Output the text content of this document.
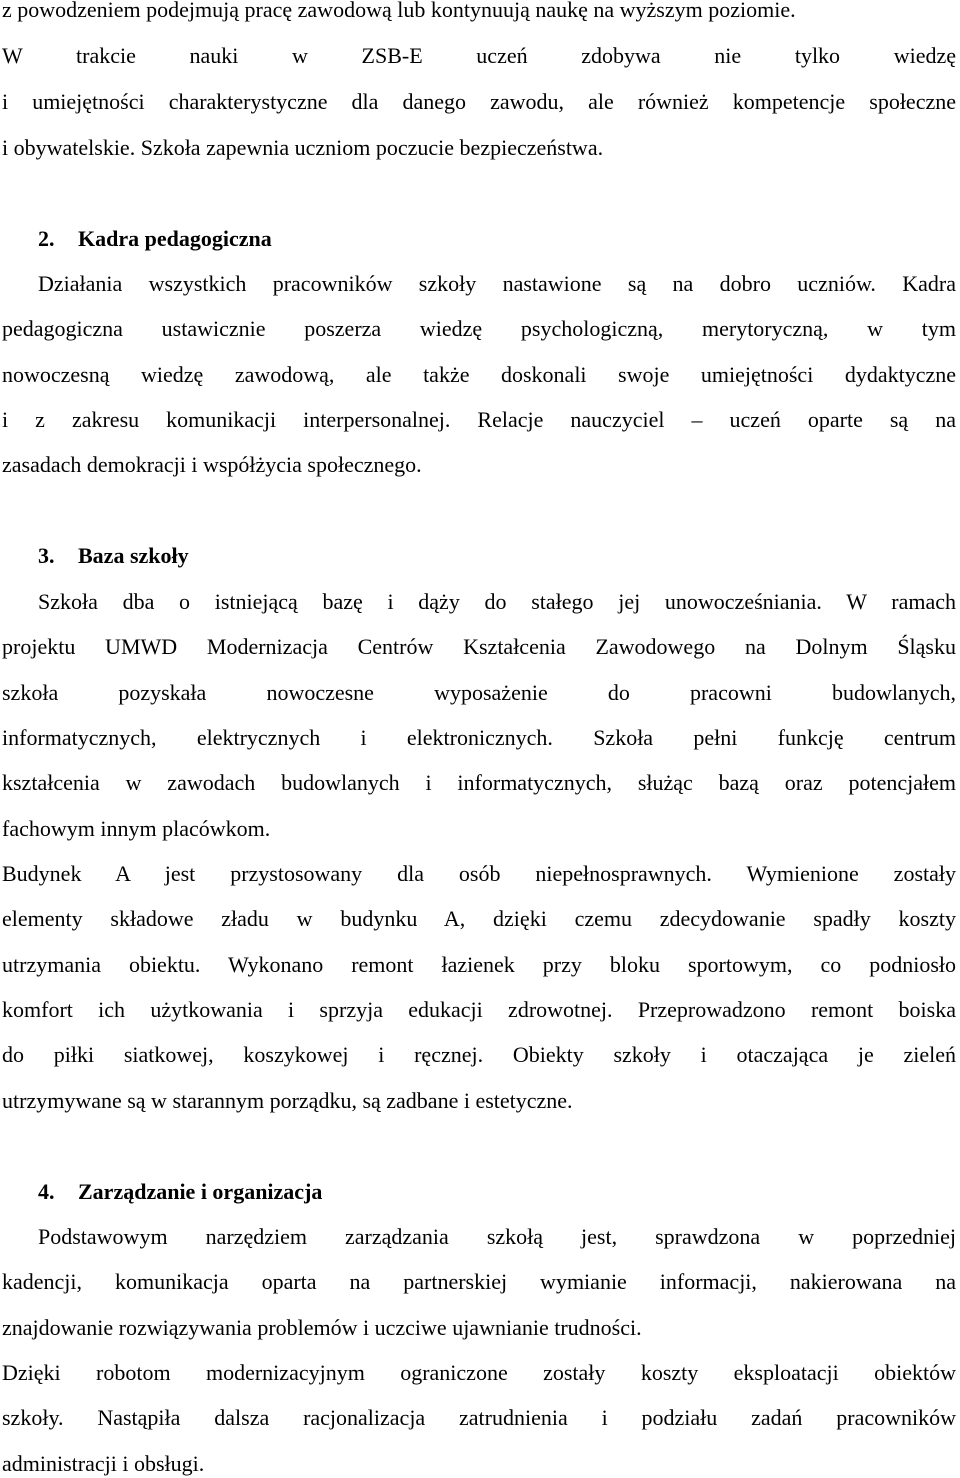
z powodzeniem podejmują pracę zawodową lub kontynuują naukę na wyższym poziomie.
W trakcie nauki w ZSB-E uczeń zdobywa nie tylko wiedzę
i umiejętności charakterystyczne dla danego zawodu, ale również kompetencje społeczne
i obywatelskie. Szkoła zapewnia uczniom poczucie bezpieczeństwa.
2. Kadra pedagogiczna
Działania wszystkich pracowników szkoły nastawione są na dobro uczniów. Kadra
pedagogiczna ustawicznie poszerza wiedzę psychologiczną, merytoryczną, w tym
nowoczesną wiedzę zawodową, ale także doskonali swoje umiejętności dydaktyczne
i z zakresu komunikacji interpersonalnej. Relacje nauczyciel – uczeń oparte są na
zasadach demokracji i współżycia społecznego.
3. Baza szkoły
Szkoła dba o istniejącą bazę i dąży do stałego jej unowocześniania. W ramach
projektu UMWD Modernizacja Centrów Kształcenia Zawodowego na Dolnym Śląsku
szkoła pozyskała nowoczesne wyposażenie do pracowni budowlanych,
informatycznych, elektrycznych i elektronicznych. Szkoła pełni funkcję centrum
kształcenia w zawodach budowlanych i informatycznych, służąc bazą oraz potencjałem
fachowym innym placówkom.
Budynek A jest przystosowany dla osób niepełnosprawnych. Wymienione zostały
elementy składowe zładu w budynku A, dzięki czemu zdecydowanie spadły koszty
utrzymania obiektu. Wykonano remont łazienek przy bloku sportowym, co podniosło
komfort ich użytkowania i sprzyja edukacji zdrowotnej. Przeprowadzono remont boiska
do piłki siatkowej, koszykowej i ręcznej. Obiekty szkoły i otaczająca je zieleń
utrzymywane są w starannym porządku, są zadbane i estetyczne.
4. Zarządzanie i organizacja
Podstawowym narzędziem zarządzania szkołą jest, sprawdzona w poprzedniej
kadencji, komunikacja oparta na partnerskiej wymianie informacji, nakierowana na
znajdowanie rozwiązywania problemów i uczciwe ujawnianie trudności.
Dzięki robotom modernizacyjnym ograniczone zostały koszty eksploatacji obiektów
szkoły. Nastąpiła dalsza racjonalizacja zatrudnienia i podziału zadań pracowników
administracji i obsługi.
